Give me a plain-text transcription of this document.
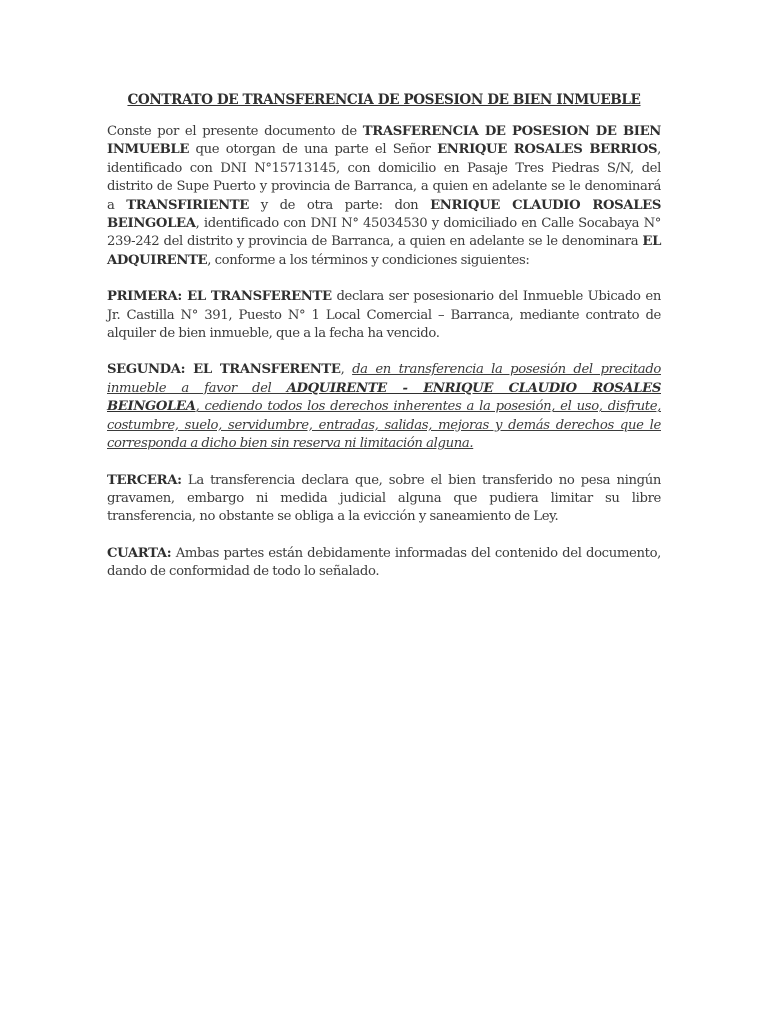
CONTRATO DE TRANSFERENCIA DE POSESION DE BIEN INMUEBLE

Conste por el presente documento de TRASFERENCIA DE POSESION DE BIEN INMUEBLE que otorgan de una parte el Señor ENRIQUE ROSALES BERRIOS, identificado con DNI N°15713145, con domicilio en Pasaje Tres Piedras S/N, del distrito de Supe Puerto y provincia de Barranca, a quien en adelante se le denominará a TRANSFIRIENTE y de otra parte: don ENRIQUE CLAUDIO ROSALES BEINGOLEA, identificado con DNI N° 45034530 y domiciliado en Calle Socabaya N° 239-242 del distrito y provincia de Barranca, a quien en adelante se le denominara EL ADQUIRENTE, conforme a los términos y condiciones siguientes:

PRIMERA: EL TRANSFERENTE declara ser posesionario del Inmueble Ubicado en Jr. Castilla N° 391, Puesto N° 1 Local Comercial – Barranca, mediante contrato de alquiler de bien inmueble, que a la fecha ha vencido.

SEGUNDA: EL TRANSFERENTE, da en transferencia la posesión del precitado inmueble a favor del ADQUIRENTE - ENRIQUE CLAUDIO ROSALES BEINGOLEA, cediendo todos los derechos inherentes a la posesión, el uso, disfrute, costumbre, suelo, servidumbre, entradas, salidas, mejoras y demás derechos que le corresponda a dicho bien sin reserva ni limitación alguna.

TERCERA: La transferencia declara que, sobre el bien transferido no pesa ningún gravamen, embargo ni medida judicial alguna que pudiera limitar su libre transferencia, no obstante se obliga a la evicción y saneamiento de Ley.

CUARTA: Ambas partes están debidamente informadas del contenido del documento, dando de conformidad de todo lo señalado.
